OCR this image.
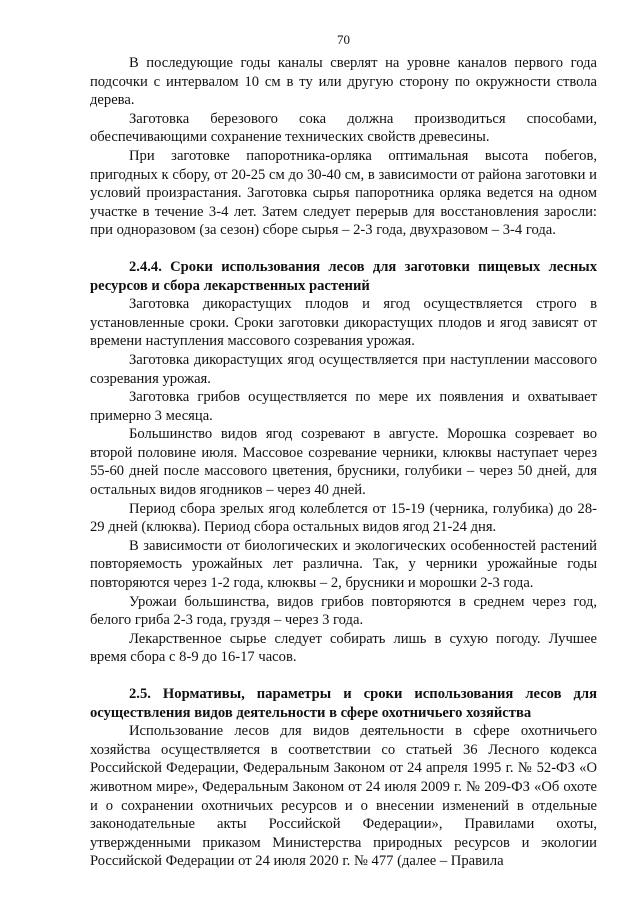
70

В последующие годы каналы сверлят на уровне каналов первого года подсочки с интервалом 10 см в ту или другую сторону по окружности ствола дерева.

Заготовка березового сока должна производиться способами, обеспечивающими сохранение технических свойств древесины.

При заготовке папоротника-орляка оптимальная высота побегов, пригодных к сбору, от 20-25 см до 30-40 см, в зависимости от района заготовки и условий произрастания. Заготовка сырья папоротника орляка ведется на одном участке в течение 3-4 лет. Затем следует перерыв для восстановления заросли: при одноразовом (за сезон) сборе сырья – 2-3 года, двухразовом – 3-4 года.

2.4.4. Сроки использования лесов для заготовки пищевых лесных ресурсов и сбора лекарственных растений

Заготовка дикорастущих плодов и ягод осуществляется строго в установленные сроки. Сроки заготовки дикорастущих плодов и ягод зависят от времени наступления массового созревания урожая.

Заготовка дикорастущих ягод осуществляется при наступлении массового созревания урожая.

Заготовка грибов осуществляется по мере их появления и охватывает примерно 3 месяца.

Большинство видов ягод созревают в августе. Морошка созревает во второй половине июля. Массовое созревание черники, клюквы наступает через 55-60 дней после массового цветения, брусники, голубики – через 50 дней, для остальных видов ягодников – через 40 дней.

Период сбора зрелых ягод колеблется от 15-19 (черника, голубика) до 28-29 дней (клюква). Период сбора остальных видов ягод 21-24 дня.

В зависимости от биологических и экологических особенностей растений повторяемость урожайных лет различна. Так, у черники урожайные годы повторяются через 1-2 года, клюквы – 2, брусники и морошки 2-3 года.

Урожаи большинства, видов грибов повторяются в среднем через год, белого гриба 2-3 года, груздя – через 3 года.

Лекарственное сырье следует собирать лишь в сухую погоду. Лучшее время сбора с 8-9 до 16-17 часов.

2.5. Нормативы, параметры и сроки использования лесов для осуществления видов деятельности в сфере охотничьего хозяйства

Использование лесов для видов деятельности в сфере охотничьего хозяйства осуществляется в соответствии со статьей 36 Лесного кодекса Российской Федерации, Федеральным Законом от 24 апреля 1995 г. № 52-ФЗ «О животном мире», Федеральным Законом от 24 июля 2009 г. № 209-ФЗ «Об охоте и о сохранении охотничьих ресурсов и о внесении изменений в отдельные законодательные акты Российской Федерации», Правилами охоты, утвержденными приказом Министерства природных ресурсов и экологии Российской Федерации от 24 июля 2020 г. № 477 (далее – Правила
